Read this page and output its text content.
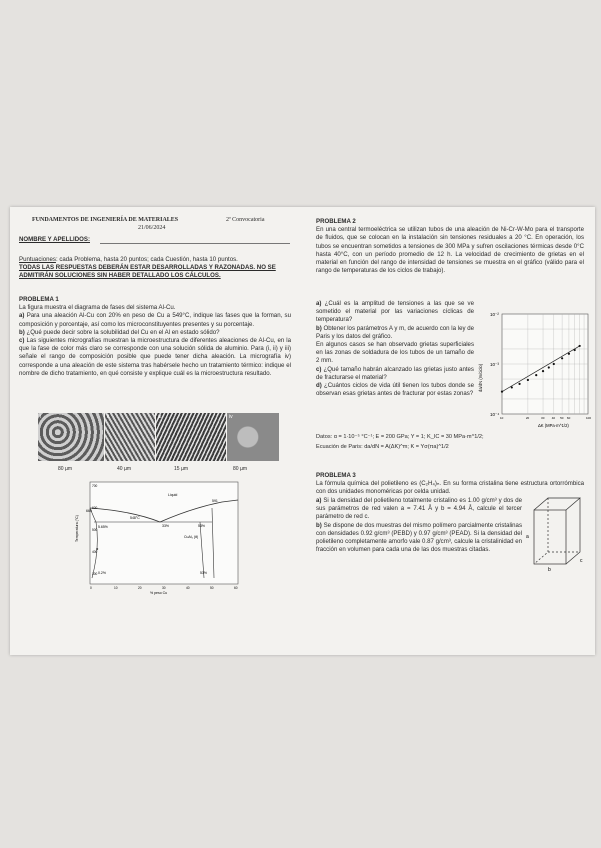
FUNDAMENTOS DE INGENIERÍA DE MATERIALES	2ª Convocatoria
21/06/2024
NOMBRE Y APELLIDOS:
Puntuaciones: cada Problema, hasta 20 puntos; cada Cuestión, hasta 10 puntos.
TODAS LAS RESPUESTAS DEBERÁN ESTAR DESARROLLADAS Y RAZONADAS. NO SE
ADMITIRÁN SOLUCIONES SIN HABER DETALLADO LOS CÁLCULOS.

PROBLEMA 1

La figura muestra el diagrama de fases del sistema Al-Cu.

a) Para una aleación Al-Cu con 20% en peso de Cu a 549°C, indique las fases que la forman, su composición y porcentaje, así como los microconstituyentes presentes y su porcentaje.

b) ¿Qué puede decir sobre la solubilidad del Cu en el Al en estado sólido?

c) Las siguientes micrografías muestran la microestructura de diferentes aleaciones de Al-Cu, en la que la fase de color más claro se corresponde con una solución sólida de aluminio. Para (i, ii) y iii) señale el rango de composición posible que puede tener dicha aleación. La micrografía iv) corresponde a una aleación de este sistema tras habérsele hecho un tratamiento térmico: indique el nombre de dicho tratamiento, en qué consiste y explique cuál es la microestructura resultado.

i	ii	iii	iv
80 µm	40 µm	15 µm	80 µm
Liquid
660
548°C
591
5.65%	33%	53%
CuAl₂ (θ)
α
0.2%	53%
Temperatura (°C)
% peso Cu
700
600
500
400
300
0	10	20	30	40	50	60

PROBLEMA 2

En una central termoeléctrica se utilizan tubos de una aleación de Ni-Cr-W-Mo para el transporte de fluidos, que se colocan en la instalación sin tensiones residuales a 20 °C. En operación, los tubos se encuentran sometidos a tensiones de 300 MPa y sufren oscilaciones térmicas desde 0°C hasta 40°C, con un período promedio de 12 h. La velocidad de crecimiento de grietas en el material en función del rango de intensidad de tensiones se muestra en el gráfico (válido para el rango de temperaturas de los ciclos de trabajo).

a) ¿Cuál es la amplitud de tensiones a las que se ve sometido el material por las variaciones cíclicas de temperatura?

b) Obtener los parámetros A y m, de acuerdo con la ley de Paris y los datos del gráfico.

En algunos casos se han observado grietas superficiales en las zonas de soldadura de los tubos de un tamaño de 2 mm.

c) ¿Qué tamaño habrán alcanzado las grietas justo antes de fracturarse el material?

d) ¿Cuántos ciclos de vida útil tienen los tubos donde se observan esas grietas antes de fracturar por estas zonas?

Datos: α = 1·10⁻⁵ °C⁻¹; E = 200 GPa; Y = 1; K_IC = 30 MPa·m^1/2;
Ecuación de Paris: da/dN = A(ΔK)^m; K = Yσ(πa)^1/2
10⁻²
10⁻³
10⁻⁴
10	20	30 40 50 60	100
da/dN (m/ciclo)
ΔK (MPa·m^1/2)

PROBLEMA 3

La fórmula química del polietileno es (C₂H₄)ₙ. En su forma cristalina tiene estructura ortorrómbica con dos unidades monoméricas por celda unidad.

a) Si la densidad del polietileno totalmente cristalino es 1.00 g/cm³ y dos de sus parámetros de red valen a = 7.41 Å y b = 4.94 Å, calcule el tercer parámetro de red c.

b) Se dispone de dos muestras del mismo polímero parcialmente cristalinas con densidades 0.92 g/cm³ (PEBD) y 0.97 g/cm³ (PEAD). Si la densidad del polietileno completamente amorfo vale 0.87 g/cm³, calcule la cristalinidad en fracción en volumen para cada una de las dos muestras citadas.

a
b
c
